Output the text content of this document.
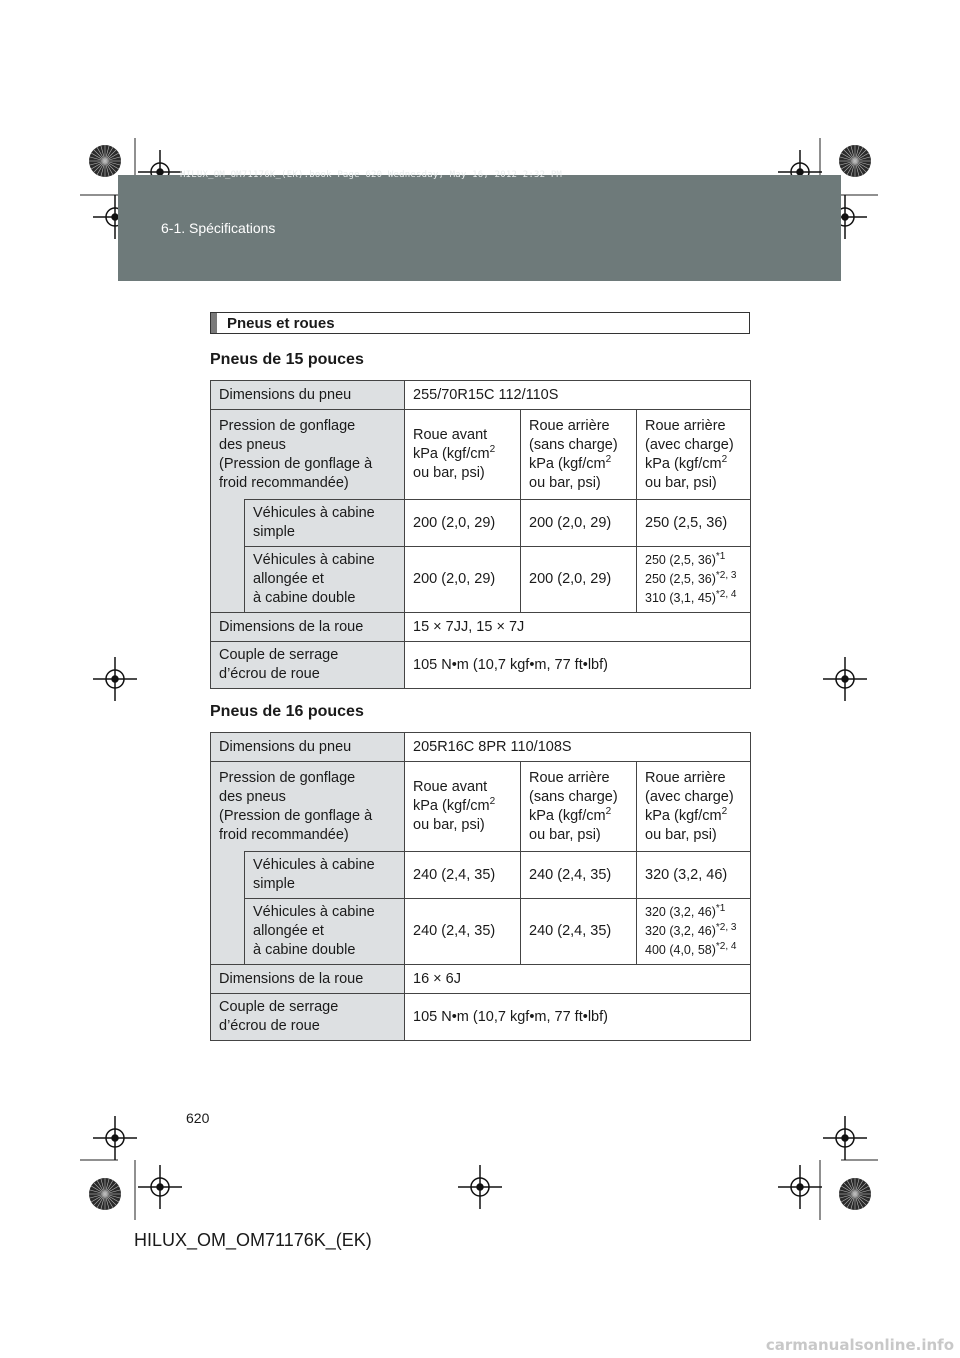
HILUX_OM_OM71176K_(EK).book Page 620 Wednesday, May 16, 2012 2:32 PM
6-1. Spécifications
Pneus et roues
Pneus de 15 pouces
Dimensions du pneu		255/70R15C 112/110S		
Pression de gonflage
des pneus
(Pression de gonflage à
froid recommandée)		Roue avant
kPa ($kgf/cm^2$
ou bar, psi)	Roue arrière
(sans charge)
kPa ($kgf/cm^2$
ou bar, psi)	Roue arrière
(avec charge)
kPa ($kgf/cm^2$
ou bar, psi)
	Véhicules à cabine
simple	200 (2,0, 29)	200 (2,0, 29)	250 (2,5, 36)
	Véhicules à cabine
allongée et
à cabine double	200 (2,0, 29)	200 (2,0, 29)	250 (2,5, 36)$^{*1}$
250 (2,5, 36)$^{*2, 3}$
310 (3,1, 45)$^{*2, 4}$
Dimensions de la roue		15 × 7JJ, 15 × 7J		
Couple de serrage
d’écrou de roue		105 N•m (10,7 kgf•m, 77 ft•lbf)		
Pneus de 16 pouces
Dimensions du pneu		205R16C 8PR 110/108S		
Pression de gonflage
des pneus
(Pression de gonflage à
froid recommandée)		Roue avant
kPa ($kgf/cm^2$
ou bar, psi)	Roue arrière
(sans charge)
kPa ($kgf/cm^2$
ou bar, psi)	Roue arrière
(avec charge)
kPa ($kgf/cm^2$
ou bar, psi)
	Véhicules à cabine
simple	240 (2,4, 35)	240 (2,4, 35)	320 (3,2, 46)
	Véhicules à cabine
allongée et
à cabine double	240 (2,4, 35)	240 (2,4, 35)	320 (3,2, 46)$^{*1}$
320 (3,2, 46)$^{*2, 3}$
400 (4,0, 58)$^{*2, 4}$
Dimensions de la roue		16 × 6J		
Couple de serrage
d’écrou de roue		105 N•m (10,7 kgf•m, 77 ft•lbf)		
620
HILUX_OM_OM71176K_(EK)
carmanualsonline.info
